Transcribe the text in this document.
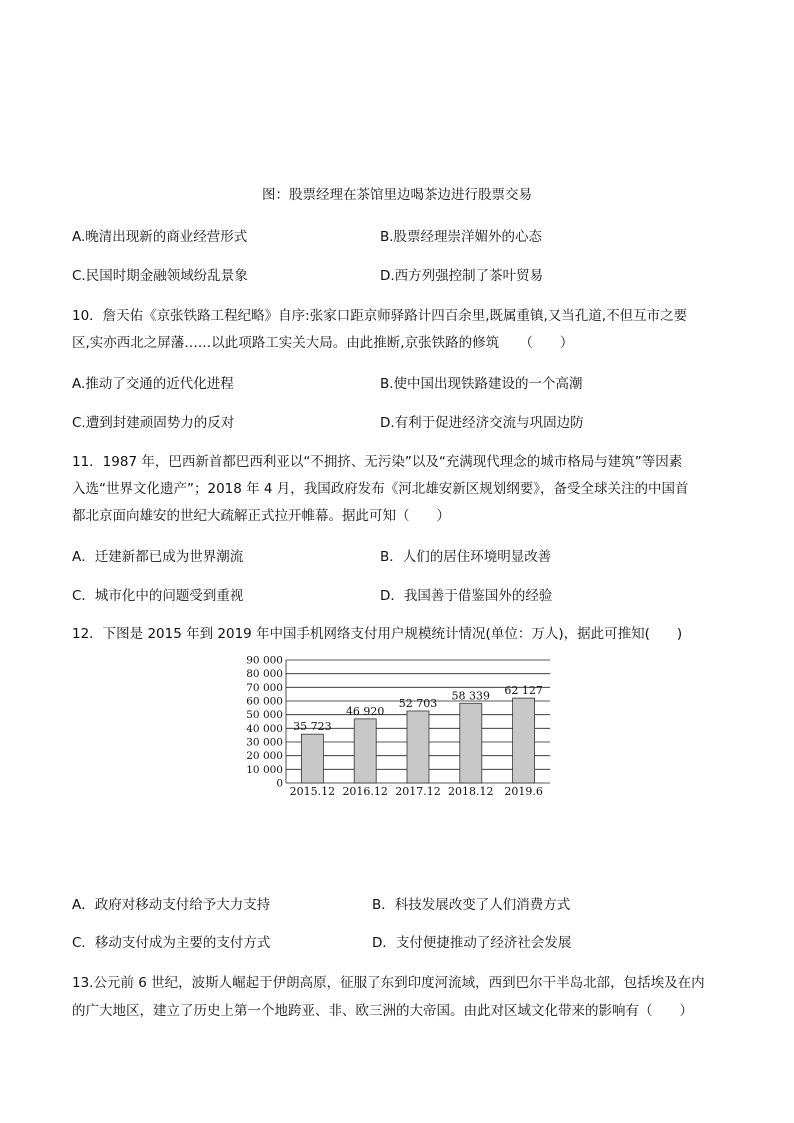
图：股票经理在茶馆里边喝茶边进行股票交易
A.晚清出现新的商业经营形式	B.股票经理崇洋媚外的心态
C.民国时期金融领域纷乱景象	D.西方列强控制了茶叶贸易
10．詹天佑《京张铁路工程纪略》自序:张家口距京师驿路计四百余里,既属重镇,又当孔道,不但互市之要
区,实亦西北之屏藩……以此项路工实关大局。由此推断,京张铁路的修筑　　（　　）
A.推动了交通的近代化进程	B.使中国出现铁路建设的一个高潮
C.遭到封建顽固势力的反对	D.有利于促进经济交流与巩固边防
11．1987 年，巴西新首都巴西利亚以“不拥挤、无污染”以及“充满现代理念的城市格局与建筑”等因素
入选“世界文化遗产”；2018 年 4 月，我国政府发布《河北雄安新区规划纲要》，备受全球关注的中国首
都北京面向雄安的世纪大疏解正式拉开帷幕。据此可知（　　）
A．迁建新都已成为世界潮流	B．人们的居住环境明显改善
C．城市化中的问题受到重视	D．我国善于借鉴国外的经验
12．下图是 2015 年到 2019 年中国手机网络支付用户规模统计情况(单位：万人)，据此可推知(　　)
0
10 000
20 000
30 000
40 000
50 000
60 000
70 000
80 000
90 000
35 723
2015.12
46 920
2016.12
52 703
2017.12
58 339
2018.12
62 127
2019.6
A．政府对移动支付给予大力支持	B．科技发展改变了人们消费方式
C．移动支付成为主要的支付方式	D．支付便捷推动了经济社会发展
13.公元前 6 世纪，波斯人崛起于伊朗高原，征服了东到印度河流域，西到巴尔干半岛北部，包括埃及在内
的广大地区，建立了历史上第一个地跨亚、非、欧三洲的大帝国。由此对区域文化带来的影响有（　　）
